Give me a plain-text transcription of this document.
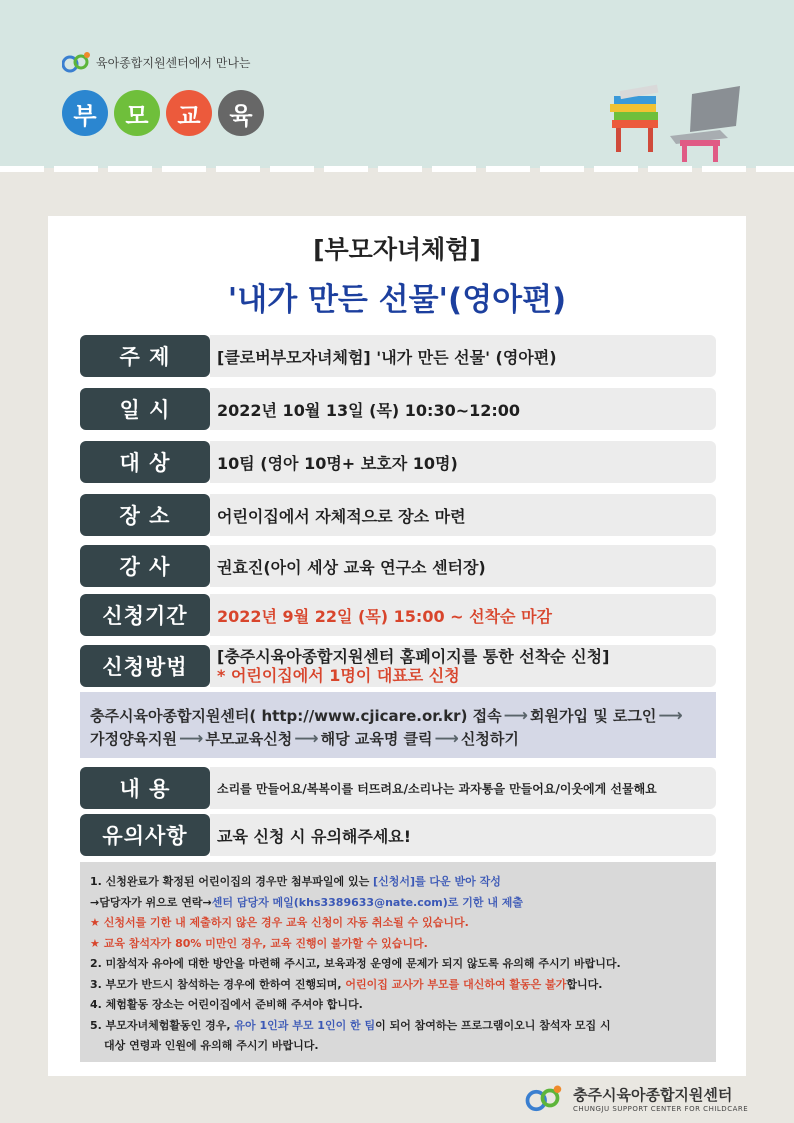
육아종합지원센터에서 만나는
부	모	교	육
[부모자녀체험]
'내가 만든 선물'(영아편)
주 제	[클로버부모자녀체험] '내가 만든 선물' (영아편)
일 시	2022년 10월 13일 (목) 10:30~12:00
대 상	10팀 (영아 10명+ 보호자 10명)
장 소	어린이집에서 자체적으로 장소 마련
강 사	권효진(아이 세상 교육 연구소 센터장)
신청기간	2022년 9월 22일 (목) 15:00 ~ 선착순 마감
신청방법	[충주시육아종합지원센터 홈페이지를 통한 선착순 신청]
* 어린이집에서 1명이 대표로 신청
충주시육아종합지원센터( http://www.cjicare.or.kr) 접속 ⟶ 회원가입 및 로그인 ⟶
가정양육지원 ⟶ 부모교육신청 ⟶ 해당 교육명 클릭 ⟶ 신청하기
내 용	소리를 만들어요/복복이를 터뜨려요/소리나는 과자통을 만들어요/이웃에게 선물해요
유의사항	교육 신청 시 유의해주세요!
1. 신청완료가 확정된 어린이집의 경우만 첨부파일에 있는 [신청서]를 다운 받아 작성
→담당자가 위으로 연락→센터 담당자 메일(khs3389633@nate.com)로 기한 내 제출
★ 신청서를 기한 내 제출하지 않은 경우 교육 신청이 자동 취소될 수 있습니다.
★ 교육 참석자가 80% 미만인 경우, 교육 진행이 불가할 수 있습니다.
2. 미참석자 유아에 대한 방안을 마련해 주시고, 보육과정 운영에 문제가 되지 않도록 유의해 주시기 바랍니다.
3. 부모가 반드시 참석하는 경우에 한하여 진행되며, 어린이집 교사가 부모를 대신하여 활동은 불가합니다.
4. 체험활동 장소는 어린이집에서 준비해 주셔야 합니다.
5. 부모자녀체험활동인 경우, 유아 1인과 부모 1인이 한 팀이 되어 참여하는 프로그램이오니 참석자 모집 시
대상 연령과 인원에 유의해 주시기 바랍니다.
충주시육아종합지원센터
CHUNGJU SUPPORT CENTER FOR CHILDCARE
